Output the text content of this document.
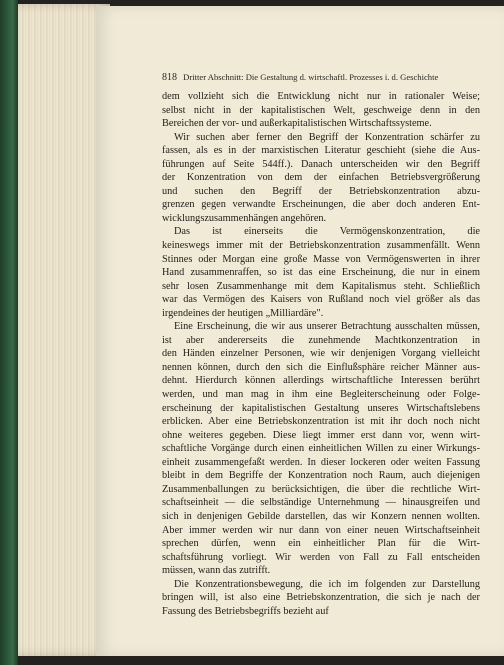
818 Dritter Abschnitt: Die Gestaltung d. wirtschaftl. Prozesses i. d. Geschichte
dem vollzieht sich die Entwicklung nicht nur in rationaler Weise;
selbst nicht in der kapitalistischen Welt, geschweige denn in den
Bereichen der vor- und außerkapitalistischen Wirtschaftssysteme.
Wir suchen aber ferner den Begriff der Konzentration schärfer zu
fassen, als es in der marxistischen Literatur geschieht (siehe die Aus-
führungen auf Seite 544ff.). Danach unterscheiden wir den Begriff
der Konzentration von dem der einfachen Betriebsvergrößerung
und suchen den Begriff der Betriebskonzentration abzu-
grenzen gegen verwandte Erscheinungen, die aber doch anderen Ent-
wicklungszusammenhängen angehören.
Das ist einerseits die Vermögenskonzentration, die
keineswegs immer mit der Betriebskonzentration zusammenfällt. Wenn
Stinnes oder Morgan eine große Masse von Vermögenswerten in ihrer
Hand zusammenraffen, so ist das eine Erscheinung, die nur in einem
sehr losen Zusammenhange mit dem Kapitalismus steht. Schließlich
war das Vermögen des Kaisers von Rußland noch viel größer als das
irgendeines der heutigen „Milliardäre".
Eine Erscheinung, die wir aus unserer Betrachtung ausschalten müssen,
ist aber andererseits die zunehmende Machtkonzentration in
den Händen einzelner Personen, wie wir denjenigen Vorgang vielleicht
nennen können, durch den sich die Einflußsphäre reicher Männer aus-
dehnt. Hierdurch können allerdings wirtschaftliche Interessen berührt
werden, und man mag in ihm eine Begleiterscheinung oder Folge-
erscheinung der kapitalistischen Gestaltung unseres Wirtschaftslebens
erblicken. Aber eine Betriebskonzentration ist mit ihr doch noch nicht
ohne weiteres gegeben. Diese liegt immer erst dann vor, wenn wirt-
schaftliche Vorgänge durch einen einheitlichen Willen zu einer Wirkungs-
einheit zusammengefaßt werden. In dieser lockeren oder weiten Fassung
bleibt in dem Begriffe der Konzentration noch Raum, auch diejenigen
Zusammenballungen zu berücksichtigen, die über die rechtliche Wirt-
schaftseinheit — die selbständige Unternehmung — hinausgreifen und
sich in denjenigen Gebilde darstellen, das wir Konzern nennen wollten.
Aber immer werden wir nur dann von einer neuen Wirtschaftseinheit
sprechen dürfen, wenn ein einheitlicher Plan für die Wirt-
schaftsführung vorliegt. Wir werden von Fall zu Fall entscheiden
müssen, wann das zutrifft.
Die Konzentrationsbewegung, die ich im folgenden zur Darstellung
bringen will, ist also eine Betriebskonzentration, die sich je nach der
Fassung des Betriebsbegriffs bezieht auf
